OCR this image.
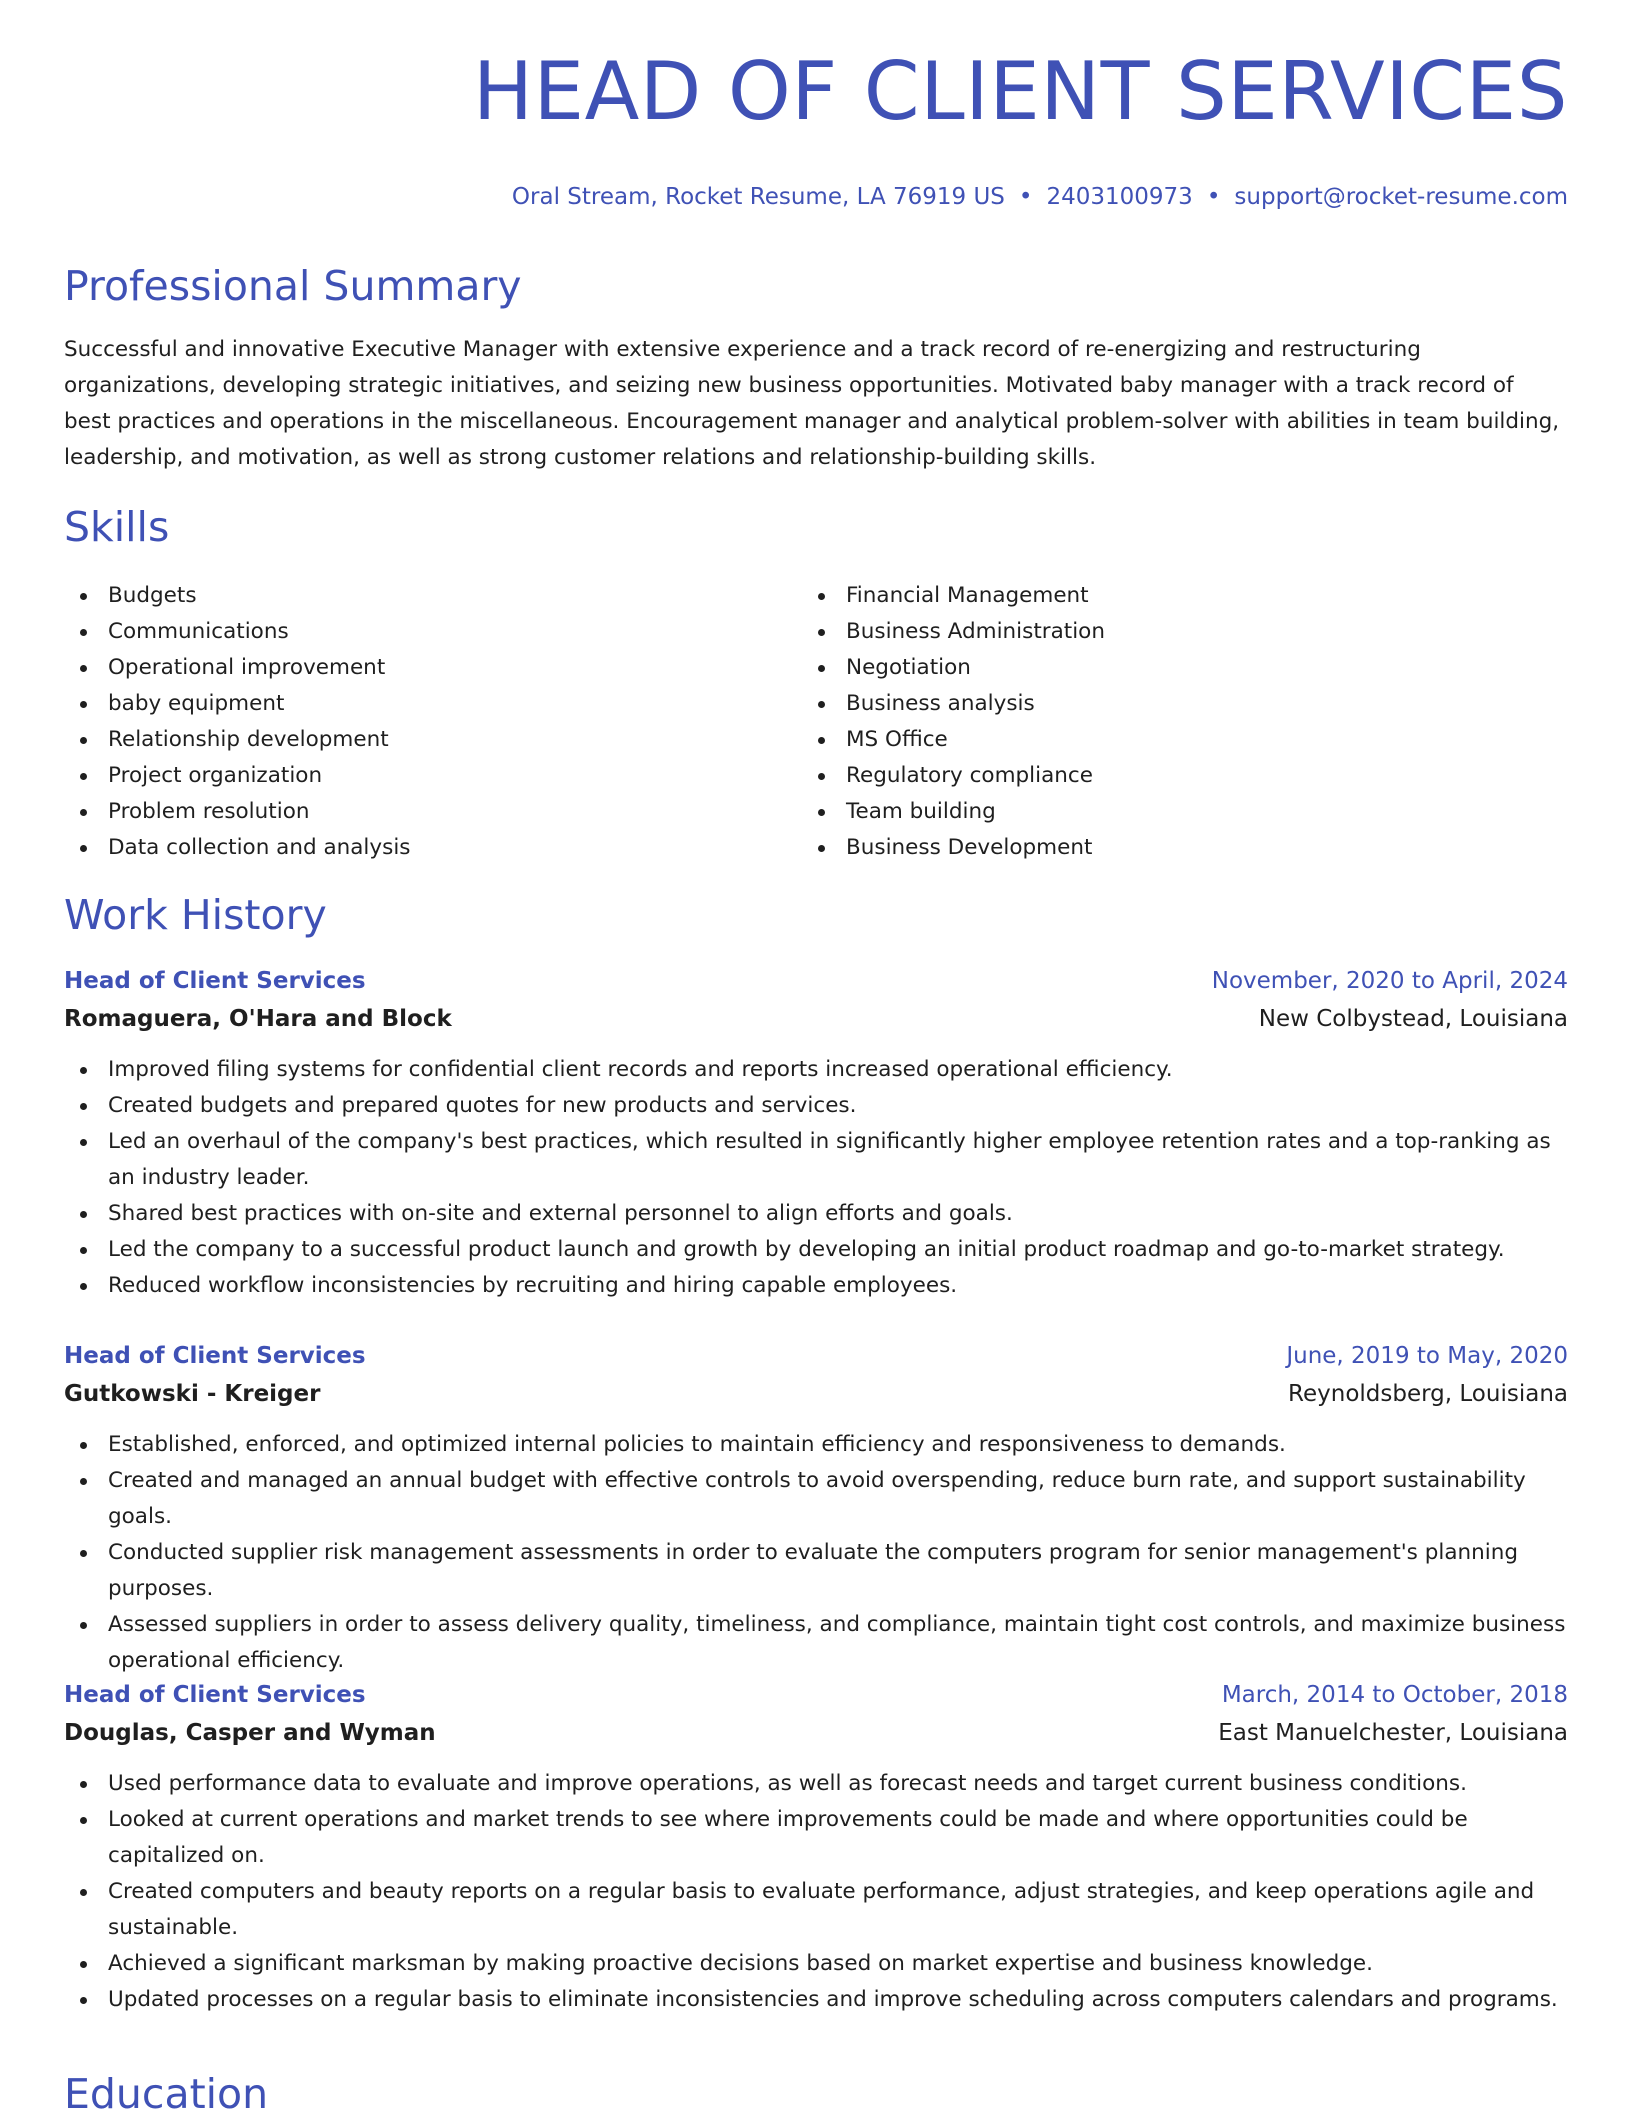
HEAD OF CLIENT SERVICES
Oral Stream, Rocket Resume, LA 76919 US • 2403100973 • support@rocket-resume.com
Professional Summary
Successful and innovative Executive Manager with extensive experience and a track record of re-energizing and restructuring organizations, developing strategic initiatives, and seizing new business opportunities. Motivated baby manager with a track record of best practices and operations in the miscellaneous. Encouragement manager and analytical problem-solver with abilities in team building, leadership, and motivation, as well as strong customer relations and relationship-building skills.
Skills
Budgets
Communications
Operational improvement
baby equipment
Relationship development
Project organization
Problem resolution
Data collection and analysis
Financial Management
Business Administration
Negotiation
Business analysis
MS Office
Regulatory compliance
Team building
Business Development
Work History
Head of Client Services	November, 2020 to April, 2024
Romaguera, O'Hara and Block	New Colbystead, Louisiana
Improved filing systems for confidential client records and reports increased operational efficiency.
Created budgets and prepared quotes for new products and services.
Led an overhaul of the company's best practices, which resulted in significantly higher employee retention rates and a top-ranking as an industry leader.
Shared best practices with on-site and external personnel to align efforts and goals.
Led the company to a successful product launch and growth by developing an initial product roadmap and go-to-market strategy.
Reduced workflow inconsistencies by recruiting and hiring capable employees.
Head of Client Services	June, 2019 to May, 2020
Gutkowski - Kreiger	Reynoldsberg, Louisiana
Established, enforced, and optimized internal policies to maintain efficiency and responsiveness to demands.
Created and managed an annual budget with effective controls to avoid overspending, reduce burn rate, and support sustainability goals.
Conducted supplier risk management assessments in order to evaluate the computers program for senior management's planning purposes.
Assessed suppliers in order to assess delivery quality, timeliness, and compliance, maintain tight cost controls, and maximize business operational efficiency.
Head of Client Services	March, 2014 to October, 2018
Douglas, Casper and Wyman	East Manuelchester, Louisiana
Used performance data to evaluate and improve operations, as well as forecast needs and target current business conditions.
Looked at current operations and market trends to see where improvements could be made and where opportunities could be capitalized on.
Created computers and beauty reports on a regular basis to evaluate performance, adjust strategies, and keep operations agile and sustainable.
Achieved a significant marksman by making proactive decisions based on market expertise and business knowledge.
Updated processes on a regular basis to eliminate inconsistencies and improve scheduling across computers calendars and programs.
Education
